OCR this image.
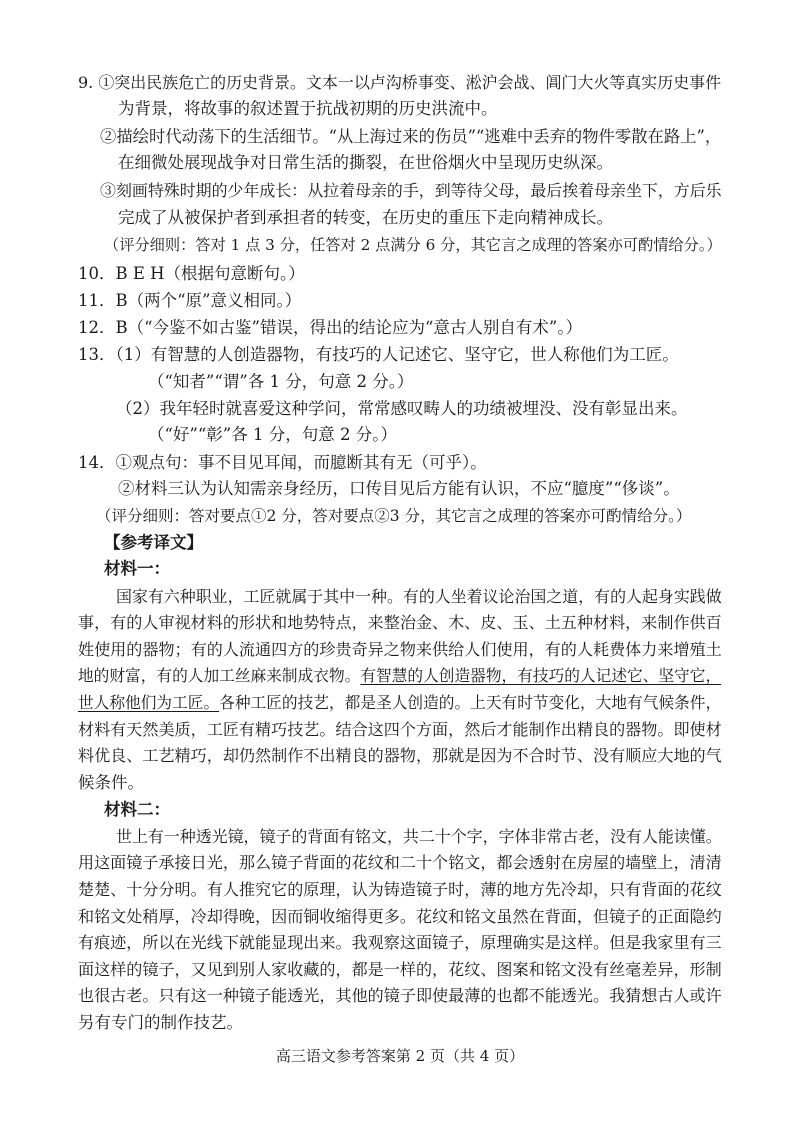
9. ①突出民族危亡的历史背景。文本一以卢沟桥事变、淞沪会战、阊门大火等真实历史事件
为背景，将故事的叙述置于抗战初期的历史洪流中。
②描绘时代动荡下的生活细节。“从上海过来的伤员”“逃难中丢弃的物件零散在路上”，
在细微处展现战争对日常生活的撕裂，在世俗烟火中呈现历史纵深。
③刻画特殊时期的少年成长：从拉着母亲的手，到等待父母，最后挨着母亲坐下，方后乐
完成了从被保护者到承担者的转变，在历史的重压下走向精神成长。
（评分细则：答对 1 点 3 分，任答对 2 点满分 6 分，其它言之成理的答案亦可酌情给分。）
10．B E H（根据句意断句。）
11．B（两个“原”意义相同。）
12．B（“今鉴不如古鉴”错误，得出的结论应为“意古人别自有术”。）
13．（1）有智慧的人创造器物，有技巧的人记述它、坚守它，世人称他们为工匠。
（“知者”“谓”各 1 分，句意 2 分。）
（2）我年轻时就喜爱这种学问，常常感叹畴人的功绩被埋没、没有彰显出来。
（“好”“彰”各 1 分，句意 2 分。）
14．①观点句：事不目见耳闻，而臆断其有无（可乎）。
②材料三认为认知需亲身经历，口传目见后方能有认识，不应“臆度”“侈谈”。
（评分细则：答对要点①2 分，答对要点②3 分，其它言之成理的答案亦可酌情给分。）
【参考译文】
材料一：
国家有六种职业，工匠就属于其中一种。有的人坐着议论治国之道，有的人起身实践做
事，有的人审视材料的形状和地势特点，来整治金、木、皮、玉、土五种材料，来制作供百
姓使用的器物；有的人流通四方的珍贵奇异之物来供给人们使用，有的人耗费体力来增殖土
地的财富，有的人加工丝麻来制成衣物。有智慧的人创造器物，有技巧的人记述它、坚守它，
世人称他们为工匠。各种工匠的技艺，都是圣人创造的。上天有时节变化，大地有气候条件，
材料有天然美质，工匠有精巧技艺。结合这四个方面，然后才能制作出精良的器物。即使材
料优良、工艺精巧，却仍然制作不出精良的器物，那就是因为不合时节、没有顺应大地的气
候条件。
材料二：
世上有一种透光镜，镜子的背面有铭文，共二十个字，字体非常古老，没有人能读懂。
用这面镜子承接日光，那么镜子背面的花纹和二十个铭文，都会透射在房屋的墙壁上，清清
楚楚、十分分明。有人推究它的原理，认为铸造镜子时，薄的地方先冷却，只有背面的花纹
和铭文处稍厚，冷却得晚，因而铜收缩得更多。花纹和铭文虽然在背面，但镜子的正面隐约
有痕迹，所以在光线下就能显现出来。我观察这面镜子，原理确实是这样。但是我家里有三
面这样的镜子，又见到别人家收藏的，都是一样的，花纹、图案和铭文没有丝毫差异，形制
也很古老。只有这一种镜子能透光，其他的镜子即使最薄的也都不能透光。我猜想古人或许
另有专门的制作技艺。
高三语文参考答案第 2 页（共 4 页）
